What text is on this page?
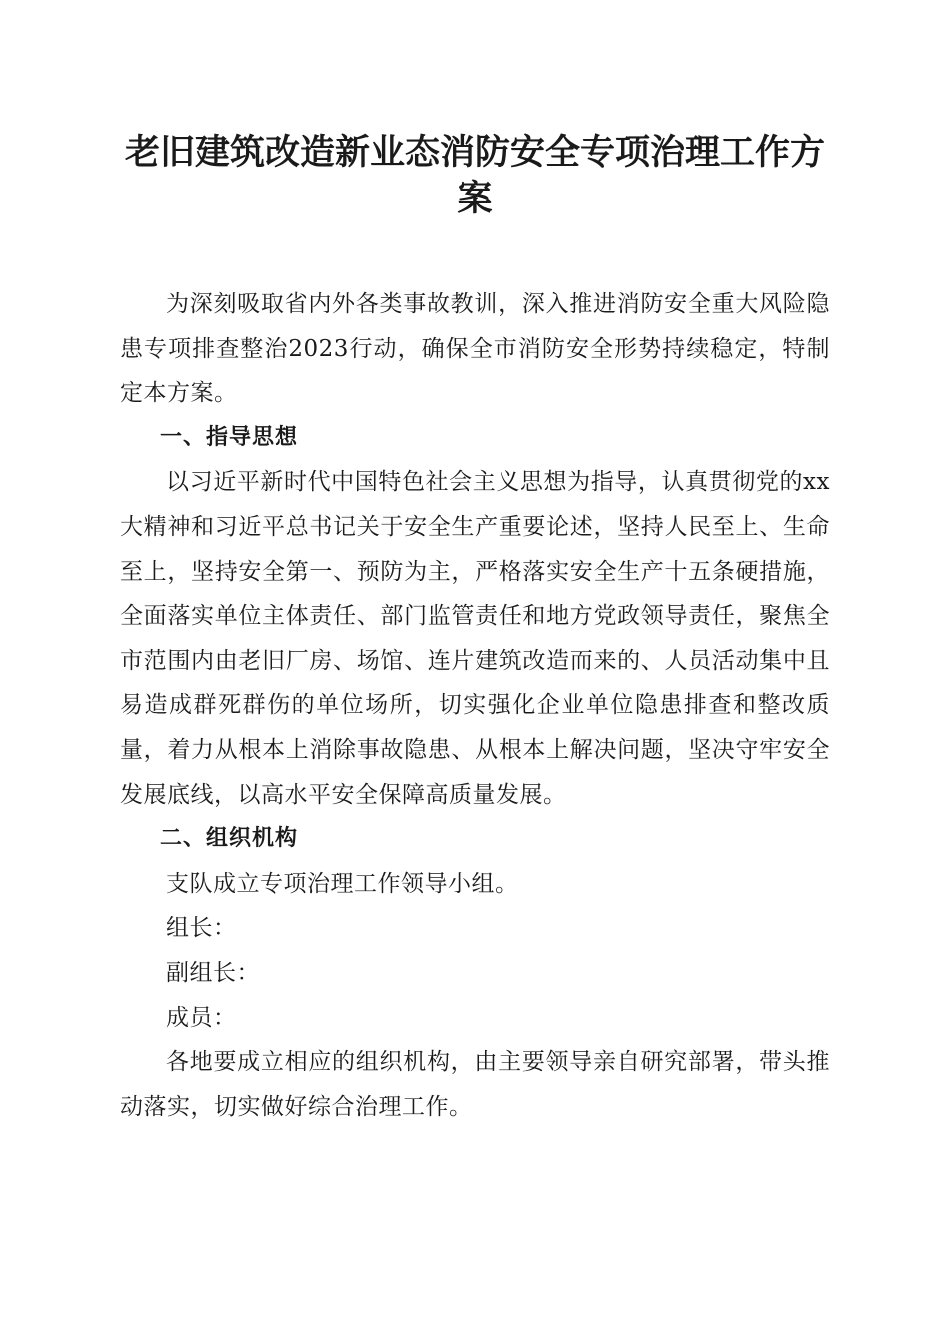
老旧建筑改造新业态消防安全专项治理工作方案

为深刻吸取省内外各类事故教训，深入推进消防安全重大风险隐患专项排查整治2023行动，确保全市消防安全形势持续稳定，特制定本方案。

一、指导思想

以习近平新时代中国特色社会主义思想为指导，认真贯彻党的xx大精神和习近平总书记关于安全生产重要论述，坚持人民至上、生命至上，坚持安全第一、预防为主，严格落实安全生产十五条硬措施，全面落实单位主体责任、部门监管责任和地方党政领导责任，聚焦全市范围内由老旧厂房、场馆、连片建筑改造而来的、人员活动集中且易造成群死群伤的单位场所，切实强化企业单位隐患排查和整改质量，着力从根本上消除事故隐患、从根本上解决问题，坚决守牢安全发展底线，以高水平安全保障高质量发展。

二、组织机构

支队成立专项治理工作领导小组。

组长：

副组长：

成员：

各地要成立相应的组织机构，由主要领导亲自研究部署，带头推动落实，切实做好综合治理工作。
